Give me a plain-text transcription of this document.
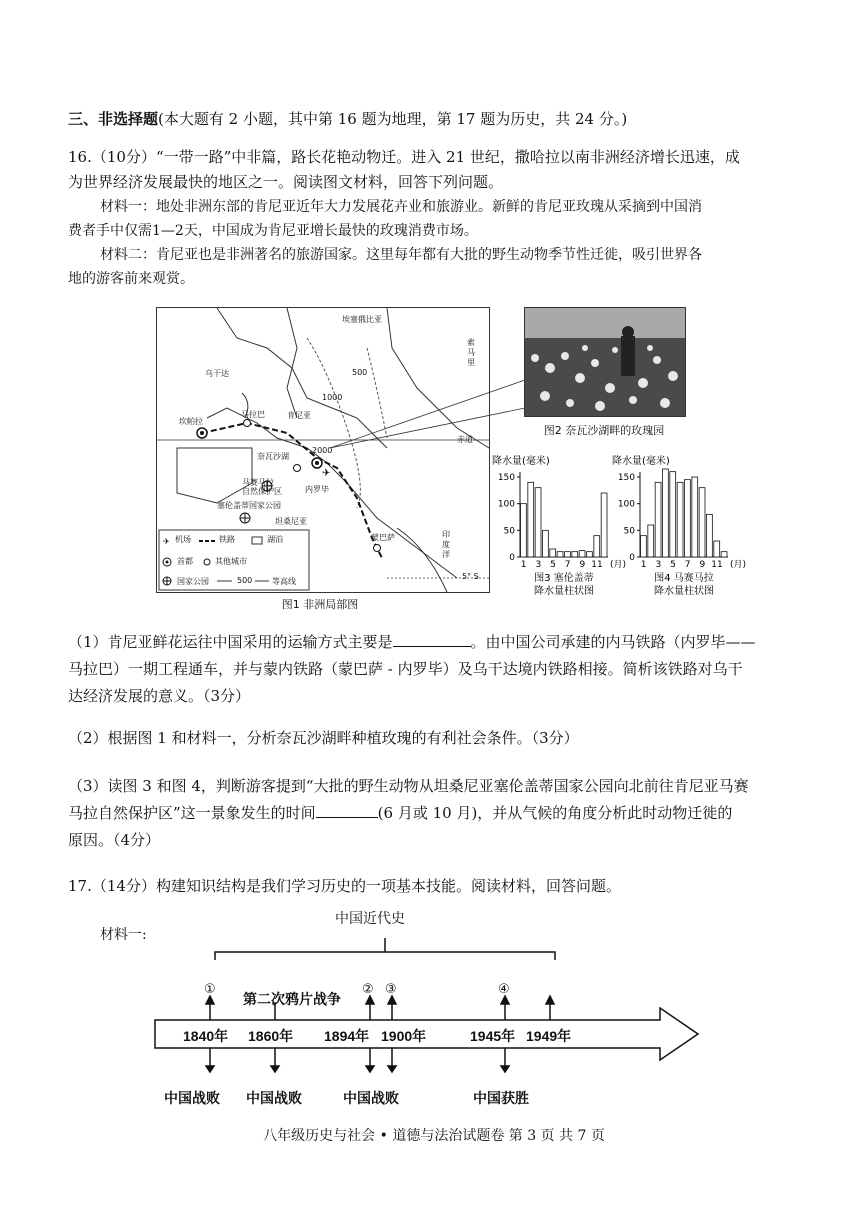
三、非选择题(本大题有 2 小题，其中第 16 题为地理，第 17 题为历史，共 24 分。)
16.（10分）“一带一路”中非篇，路长花艳动物迁。进入 21 世纪，撒哈拉以南非洲经济增长迅速，成
为世界经济发展最快的地区之一。阅读图文材料，回答下列问题。
材料一：地处非洲东部的肯尼亚近年大力发展花卉业和旅游业。新鲜的肯尼亚玫瑰从采摘到中国消
费者手中仅需1—2天，中国成为肯尼亚增长最快的玫瑰消费市场。
材料二：肯尼亚也是非洲著名的旅游国家。这里每年都有大批的野生动物季节性迁徙，吸引世界各
地的游客前来观赏。
✈
✈
埃塞俄比亚
索
马
里
乌干达
肯尼亚
坎帕拉
马拉巴
奈瓦沙湖
内罗毕
马赛马拉
自然保护区
塞伦盖蒂国家公园
坦桑尼亚
蒙巴萨	印
度
洋
赤道
500
1000
2000
5° S
机场	铁路	湖泊
首都	其他城市
国家公园	500 等高线
图1 非洲局部图
图2 奈瓦沙湖畔的玫瑰园
降水量(毫米)
0
50
100
150
1 3 5 7 9 11 (月)
图3 塞伦盖蒂
降水量柱状图
降水量(毫米)
0
50
100
150
1 3 5 7 9 11 (月)
图4 马赛马拉
降水量柱状图
（1）肯尼亚鲜花运往中国采用的运输方式主要是	。由中国公司承建的内马铁路（内罗毕——
马拉巴）一期工程通车，并与蒙内铁路（蒙巴萨 - 内罗毕）及乌干达境内铁路相接。简析该铁路对乌干
达经济发展的意义。（3分）
（2）根据图 1 和材料一，分析奈瓦沙湖畔种植玫瑰的有利社会条件。（3分）
（3）读图 3 和图 4，判断游客提到“大批的野生动物从坦桑尼亚塞伦盖蒂国家公园向北前往肯尼亚马赛
马拉自然保护区”这一景象发生的时间	(6 月或 10 月)，并从气候的角度分析此时动物迁徙的
原因。（4分）
17.（14分）构建知识结构是我们学习历史的一项基本技能。阅读材料，回答问题。
材料一:
中国近代史
①
第二次鸦片战争
② ③	④
1840年 1860年 1894年 1900年	1945年 1949年
中国战败 中国战败	中国战败	中国获胜
八年级历史与社会 • 道德与法治试题卷 第 3 页 共 7 页
